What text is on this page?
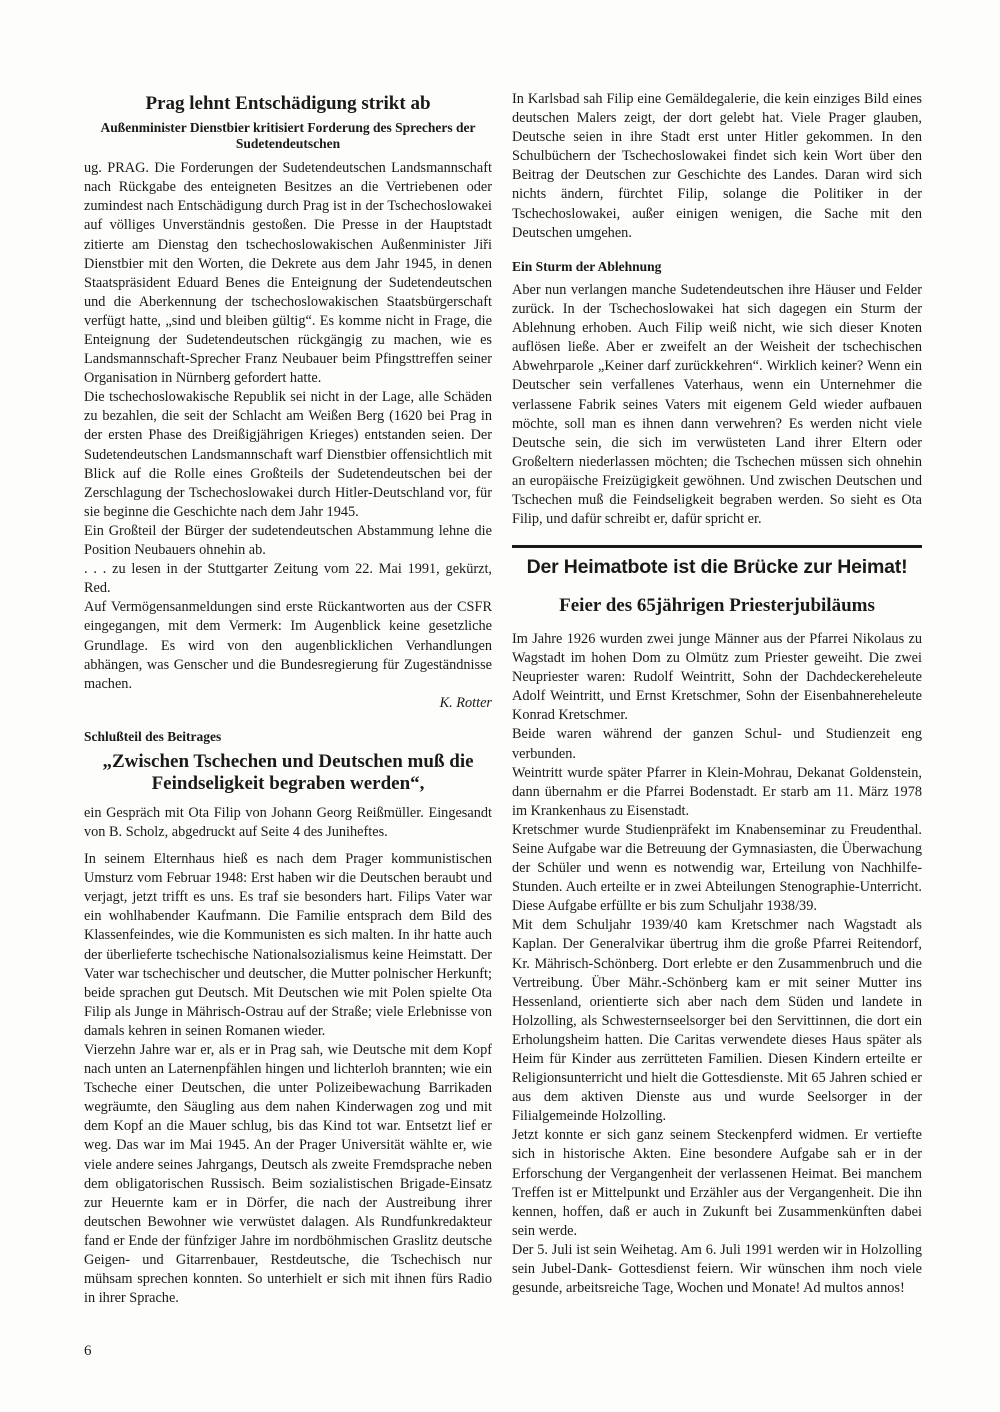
Prag lehnt Entschädigung strikt ab
Außenminister Dienstbier kritisiert Forderung des Sprechers der Sudetendeutschen

ug. PRAG. Die Forderungen der Sudetendeutschen Landsmannschaft nach Rückgabe des enteigneten Besitzes an die Vertriebenen oder zumindest nach Entschädigung durch Prag ist in der Tschechoslowakei auf völliges Unverständnis gestoßen. Die Presse in der Hauptstadt zitierte am Dienstag den tschechoslowakischen Außenminister Jiři Dienstbier mit den Worten, die Dekrete aus dem Jahr 1945, in denen Staatspräsident Eduard Benes die Enteignung der Sudetendeutschen und die Aberkennung der tschechoslowakischen Staatsbürgerschaft verfügt hatte, „sind und bleiben gültig“. Es komme nicht in Frage, die Enteignung der Sudetendeutschen rückgängig zu machen, wie es Landsmannschaft-Sprecher Franz Neubauer beim Pfingsttreffen seiner Organisation in Nürnberg gefordert hatte.

Die tschechoslowakische Republik sei nicht in der Lage, alle Schäden zu bezahlen, die seit der Schlacht am Weißen Berg (1620 bei Prag in der ersten Phase des Dreißigjährigen Krieges) entstanden seien. Der Sudetendeutschen Landsmannschaft warf Dienstbier offensichtlich mit Blick auf die Rolle eines Großteils der Sudetendeutschen bei der Zerschlagung der Tschechoslowakei durch Hitler-Deutschland vor, für sie beginne die Geschichte nach dem Jahr 1945.

Ein Großteil der Bürger der sudetendeutschen Abstammung lehne die Position Neubauers ohnehin ab.

. . . zu lesen in der Stuttgarter Zeitung vom 22. Mai 1991, gekürzt, Red.

Auf Vermögensanmeldungen sind erste Rückantworten aus der CSFR eingegangen, mit dem Vermerk: Im Augenblick keine gesetzliche Grundlage. Es wird von den augenblicklichen Verhandlungen abhängen, was Genscher und die Bundesregierung für Zugeständnisse machen.

K. Rotter

Schlußteil des Beitrages
„Zwischen Tschechen und Deutschen muß die Feindseligkeit begraben werden“,

ein Gespräch mit Ota Filip von Johann Georg Reißmüller. Eingesandt von B. Scholz, abgedruckt auf Seite 4 des Juniheftes.

In seinem Elternhaus hieß es nach dem Prager kommunistischen Umsturz vom Februar 1948: Erst haben wir die Deutschen beraubt und verjagt, jetzt trifft es uns. Es traf sie besonders hart. Filips Vater war ein wohlhabender Kaufmann. Die Familie entsprach dem Bild des Klassenfeindes, wie die Kommunisten es sich malten. In ihr hatte auch der überlieferte tschechische Nationalsozialismus keine Heimstatt. Der Vater war tschechischer und deutscher, die Mutter polnischer Herkunft; beide sprachen gut Deutsch. Mit Deutschen wie mit Polen spielte Ota Filip als Junge in Mährisch-Ostrau auf der Straße; viele Erlebnisse von damals kehren in seinen Romanen wieder.

Vierzehn Jahre war er, als er in Prag sah, wie Deutsche mit dem Kopf nach unten an Laternenpfählen hingen und lichterloh brannten; wie ein Tscheche einer Deutschen, die unter Polizeibewachung Barrikaden wegräumte, den Säugling aus dem nahen Kinderwagen zog und mit dem Kopf an die Mauer schlug, bis das Kind tot war. Entsetzt lief er weg. Das war im Mai 1945. An der Prager Universität wählte er, wie viele andere seines Jahrgangs, Deutsch als zweite Fremdsprache neben dem obligatorischen Russisch. Beim sozialistischen Brigade-Einsatz zur Heuernte kam er in Dörfer, die nach der Austreibung ihrer deutschen Bewohner wie verwüstet dalagen. Als Rundfunkredakteur fand er Ende der fünfziger Jahre im nordböhmischen Graslitz deutsche Geigen- und Gitarrenbauer, Restdeutsche, die Tschechisch nur mühsam sprechen konnten. So unterhielt er sich mit ihnen fürs Radio in ihrer Sprache.

In Karlsbad sah Filip eine Gemäldegalerie, die kein einziges Bild eines deutschen Malers zeigt, der dort gelebt hat. Viele Prager glauben, Deutsche seien in ihre Stadt erst unter Hitler gekommen. In den Schulbüchern der Tschechoslowakei findet sich kein Wort über den Beitrag der Deutschen zur Geschichte des Landes. Daran wird sich nichts ändern, fürchtet Filip, solange die Politiker in der Tschechoslowakei, außer einigen wenigen, die Sache mit den Deutschen umgehen.

Ein Sturm der Ablehnung

Aber nun verlangen manche Sudetendeutschen ihre Häuser und Felder zurück. In der Tschechoslowakei hat sich dagegen ein Sturm der Ablehnung erhoben. Auch Filip weiß nicht, wie sich dieser Knoten auflösen ließe. Aber er zweifelt an der Weisheit der tschechischen Abwehrparole „Keiner darf zurückkehren“. Wirklich keiner? Wenn ein Deutscher sein verfallenes Vaterhaus, wenn ein Unternehmer die verlassene Fabrik seines Vaters mit eigenem Geld wieder aufbauen möchte, soll man es ihnen dann verwehren? Es werden nicht viele Deutsche sein, die sich im verwüsteten Land ihrer Eltern oder Großeltern niederlassen möchten; die Tschechen müssen sich ohnehin an europäische Freizügigkeit gewöhnen. Und zwischen Deutschen und Tschechen muß die Feindseligkeit begraben werden. So sieht es Ota Filip, und dafür schreibt er, dafür spricht er.

Der Heimatbote ist die Brücke zur Heimat!
Feier des 65jährigen Priesterjubiläums

Im Jahre 1926 wurden zwei junge Männer aus der Pfarrei Nikolaus zu Wagstadt im hohen Dom zu Olmütz zum Priester geweiht. Die zwei Neupriester waren: Rudolf Weintritt, Sohn der Dachdeckereheleute Adolf Weintritt, und Ernst Kretschmer, Sohn der Eisenbahnereheleute Konrad Kretschmer.

Beide waren während der ganzen Schul- und Studienzeit eng verbunden.

Weintritt wurde später Pfarrer in Klein-Mohrau, Dekanat Goldenstein, dann übernahm er die Pfarrei Bodenstadt. Er starb am 11. März 1978 im Krankenhaus zu Eisenstadt.

Kretschmer wurde Studienpräfekt im Knabenseminar zu Freudenthal. Seine Aufgabe war die Betreuung der Gymnasiasten, die Überwachung der Schüler und wenn es notwendig war, Erteilung von Nachhilfe-Stunden. Auch erteilte er in zwei Abteilungen Stenographie-Unterricht. Diese Aufgabe erfüllte er bis zum Schuljahr 1938/39.

Mit dem Schuljahr 1939/40 kam Kretschmer nach Wagstadt als Kaplan. Der Generalvikar übertrug ihm die große Pfarrei Reitendorf, Kr. Mährisch-Schönberg. Dort erlebte er den Zusammenbruch und die Vertreibung. Über Mähr.-Schönberg kam er mit seiner Mutter ins Hessenland, orientierte sich aber nach dem Süden und landete in Holzolling, als Schwesternseelsorger bei den Servittinnen, die dort ein Erholungsheim hatten. Die Caritas verwendete dieses Haus später als Heim für Kinder aus zerrütteten Familien. Diesen Kindern erteilte er Religionsunterricht und hielt die Gottesdienste. Mit 65 Jahren schied er aus dem aktiven Dienste aus und wurde Seelsorger in der Filialgemeinde Holzolling.

Jetzt konnte er sich ganz seinem Steckenpferd widmen. Er vertiefte sich in historische Akten. Eine besondere Aufgabe sah er in der Erforschung der Vergangenheit der verlassenen Heimat. Bei manchem Treffen ist er Mittelpunkt und Erzähler aus der Vergangenheit. Die ihn kennen, hoffen, daß er auch in Zukunft bei Zusammenkünften dabei sein werde.

Der 5. Juli ist sein Weihetag. Am 6. Juli 1991 werden wir in Holzolling sein Jubel-Dank- Gottesdienst feiern. Wir wünschen ihm noch viele gesunde, arbeitsreiche Tage, Wochen und Monate! Ad multos annos!

6
